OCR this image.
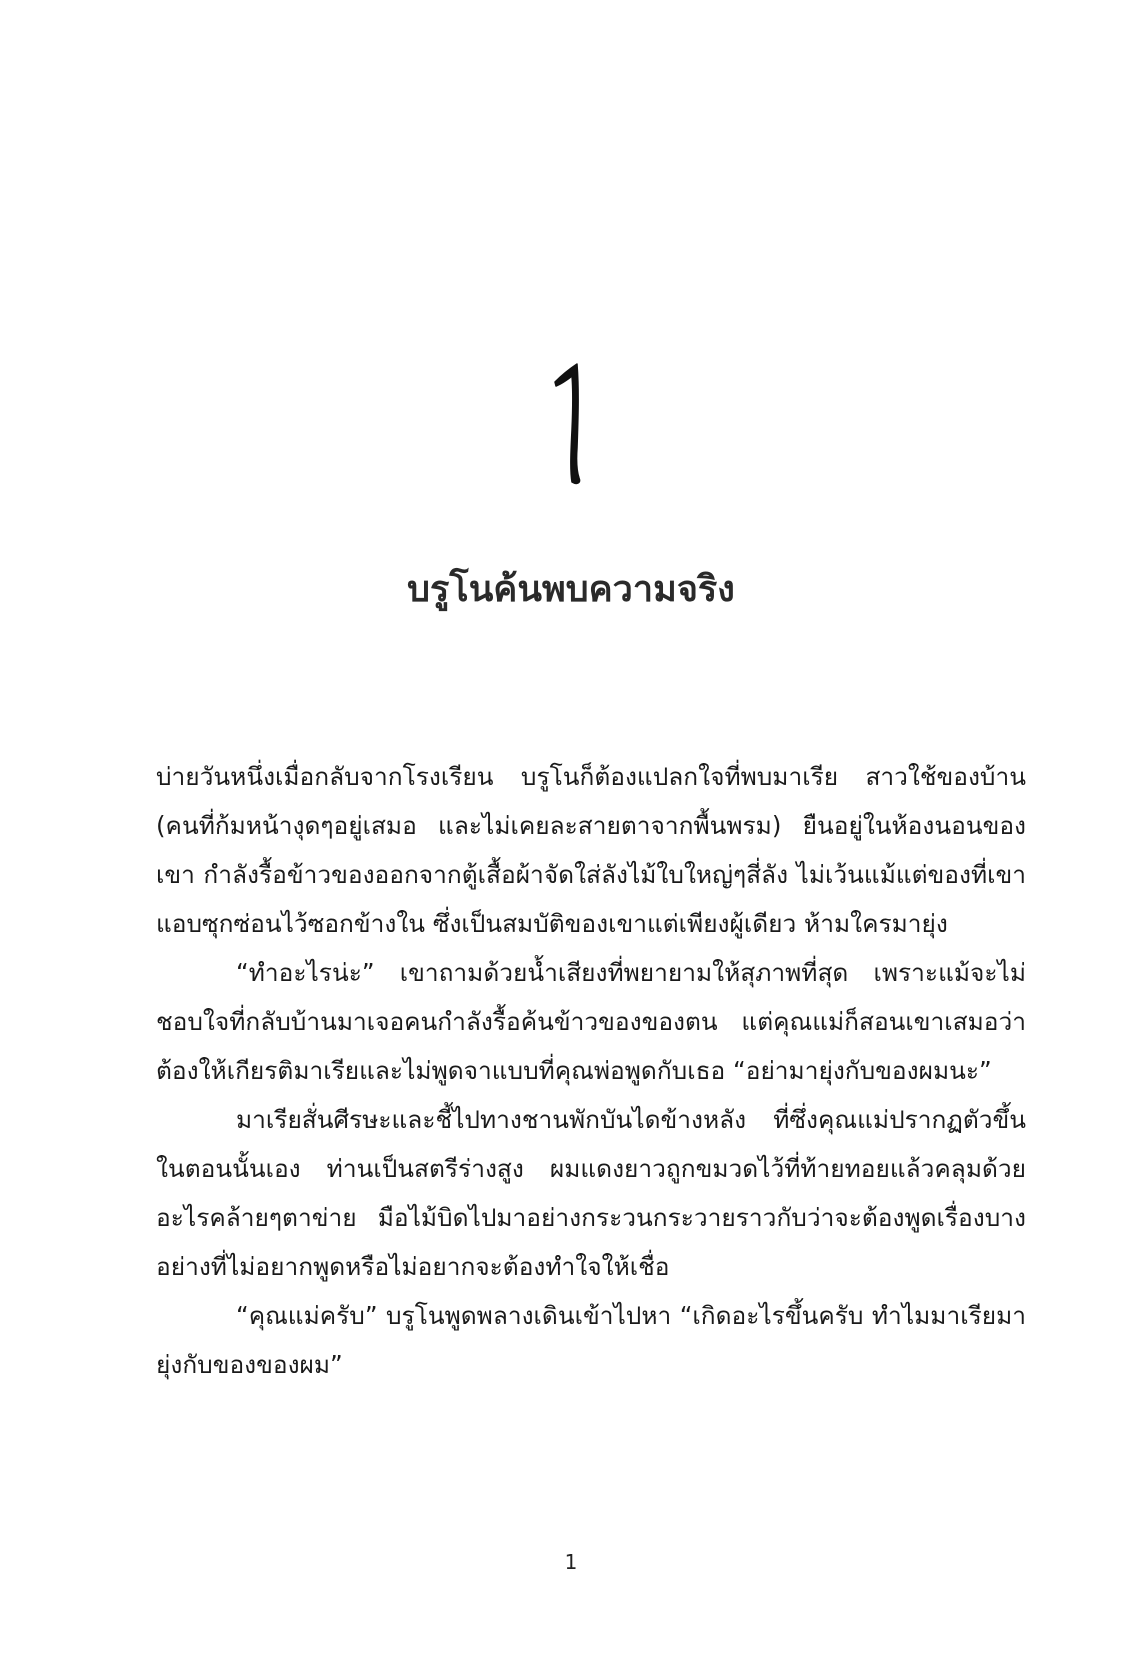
บรูโนค้นพบความจริง

บ่ายวันหนึ่งเมื่อกลับจากโรงเรียน บรูโนก็ต้องแปลกใจที่พบมาเรีย สาวใช้ของบ้าน (คนที่ก้มหน้างุดๆอยู่เสมอ และไม่เคยละสายตาจากพื้นพรม) ยืนอยู่ในห้องนอนของเขา กำลังรื้อข้าวของออกจากตู้เสื้อผ้าจัดใส่ลังไม้ใบใหญ่ๆสี่ลัง ไม่เว้นแม้แต่ของที่เขาแอบซุกซ่อนไว้ซอกข้างใน ซึ่งเป็นสมบัติของเขาแต่เพียงผู้เดียว ห้ามใครมายุ่ง

“ทำอะไรน่ะ” เขาถามด้วยน้ำเสียงที่พยายามให้สุภาพที่สุด เพราะแม้จะไม่ชอบใจที่กลับบ้านมาเจอคนกำลังรื้อค้นข้าวของของตน แต่คุณแม่ก็สอนเขาเสมอว่า ต้องให้เกียรติมาเรียและไม่พูดจาแบบที่คุณพ่อพูดกับเธอ “อย่ามายุ่งกับของผมนะ”

มาเรียสั่นศีรษะและชี้ไปทางชานพักบันไดข้างหลัง ที่ซึ่งคุณแม่ปรากฏตัวขึ้นในตอนนั้นเอง ท่านเป็นสตรีร่างสูง ผมแดงยาวถูกขมวดไว้ที่ท้ายทอยแล้วคลุมด้วยอะไรคล้ายๆตาข่าย มือไม้บิดไปมาอย่างกระวนกระวายราวกับว่าจะต้องพูดเรื่องบางอย่างที่ไม่อยากพูดหรือไม่อยากจะต้องทำใจให้เชื่อ

“คุณแม่ครับ” บรูโนพูดพลางเดินเข้าไปหา “เกิดอะไรขึ้นครับ ทำไมมาเรียมายุ่งกับของของผม”

1
